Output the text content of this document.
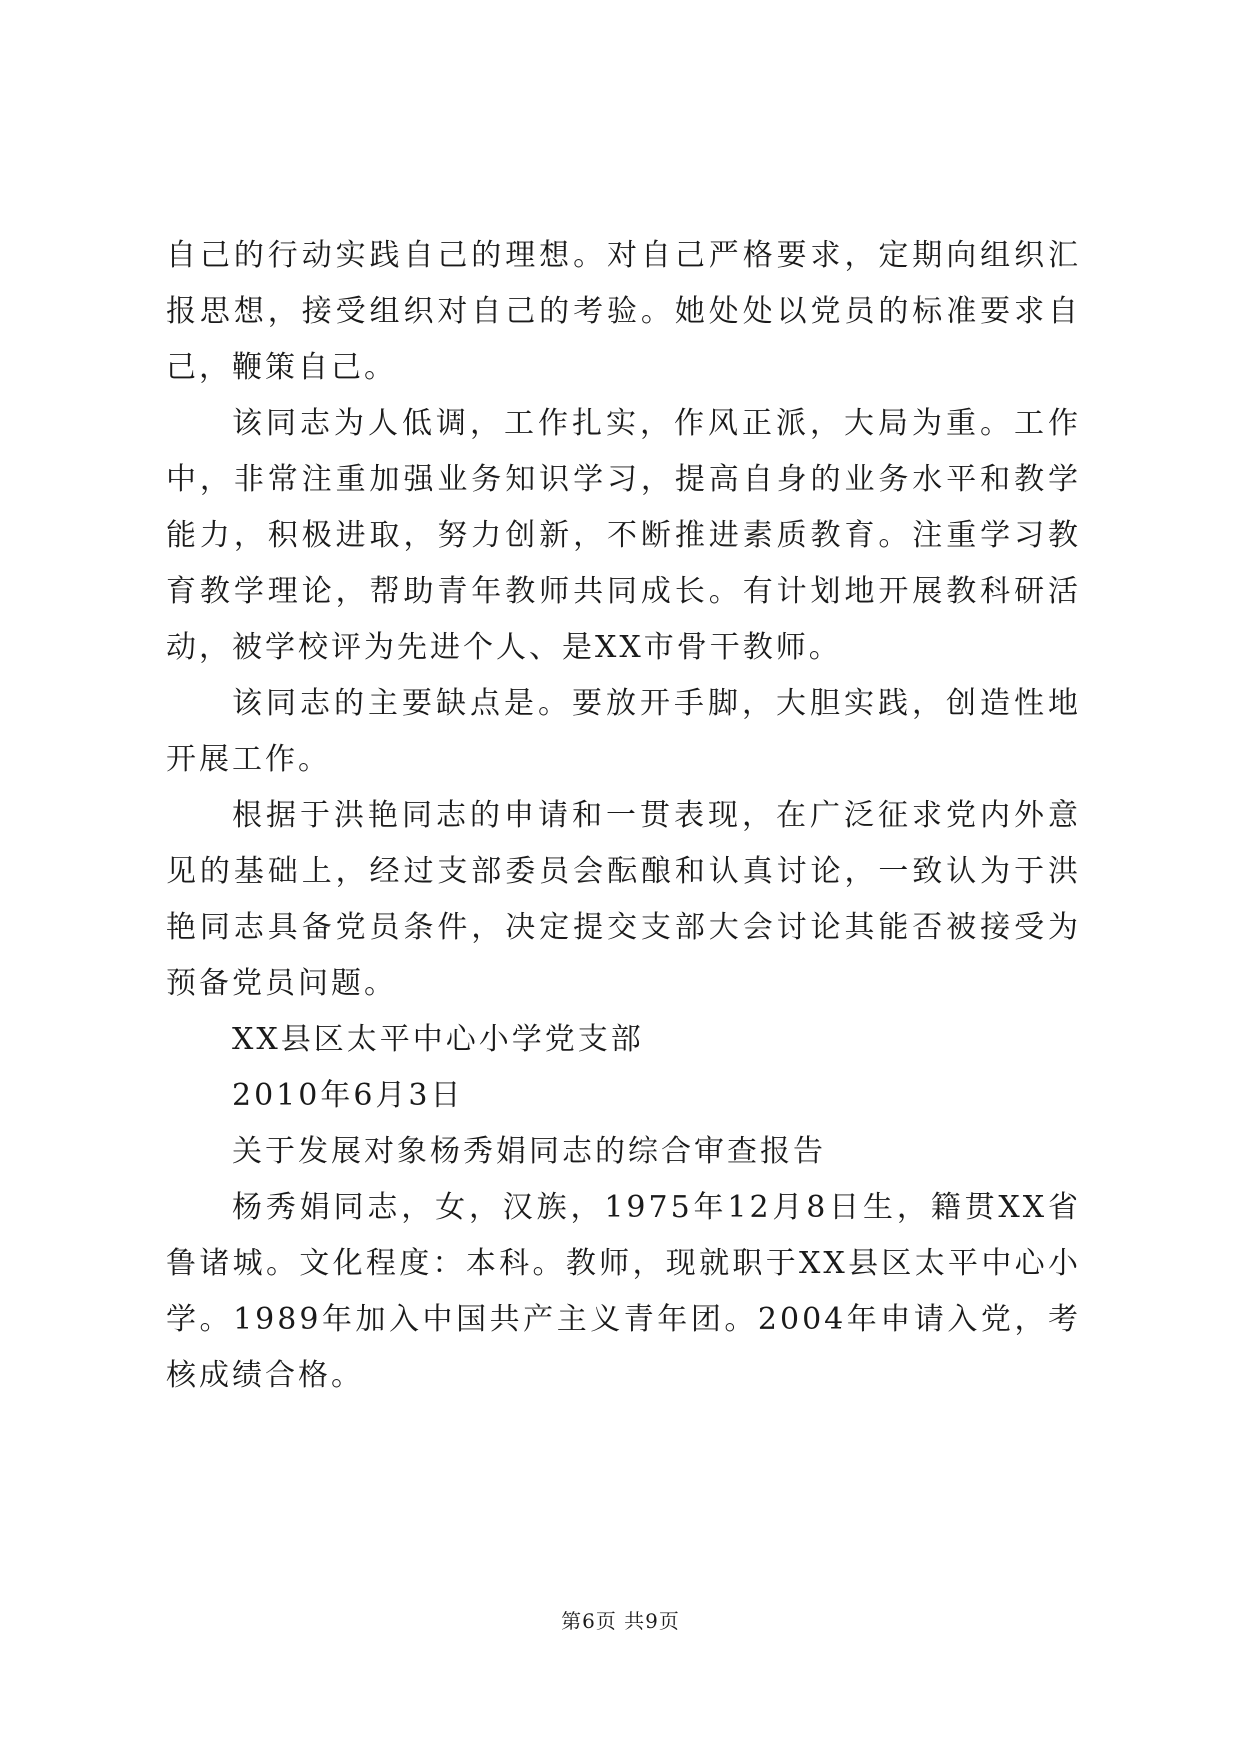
自己的行动实践自己的理想。对自己严格要求，定期向组织汇报思想，接受组织对自己的考验。她处处以党员的标准要求自己，鞭策自己。

该同志为人低调，工作扎实，作风正派，大局为重。工作中，非常注重加强业务知识学习，提高自身的业务水平和教学能力，积极进取，努力创新，不断推进素质教育。注重学习教育教学理论，帮助青年教师共同成长。有计划地开展教科研活动，被学校评为先进个人、是XX市骨干教师。

该同志的主要缺点是。要放开手脚，大胆实践，创造性地开展工作。

根据于洪艳同志的申请和一贯表现，在广泛征求党内外意见的基础上，经过支部委员会酝酿和认真讨论，一致认为于洪艳同志具备党员条件，决定提交支部大会讨论其能否被接受为预备党员问题。

XX县区太平中心小学党支部

2010年6月3日

关于发展对象杨秀娟同志的综合审查报告

杨秀娟同志，女，汉族，1975年12月8日生，籍贯XX省鲁诸城。文化程度：本科。教师，现就职于XX县区太平中心小学。1989年加入中国共产主义青年团。2004年申请入党，考核成绩合格。

第6页 共9页
